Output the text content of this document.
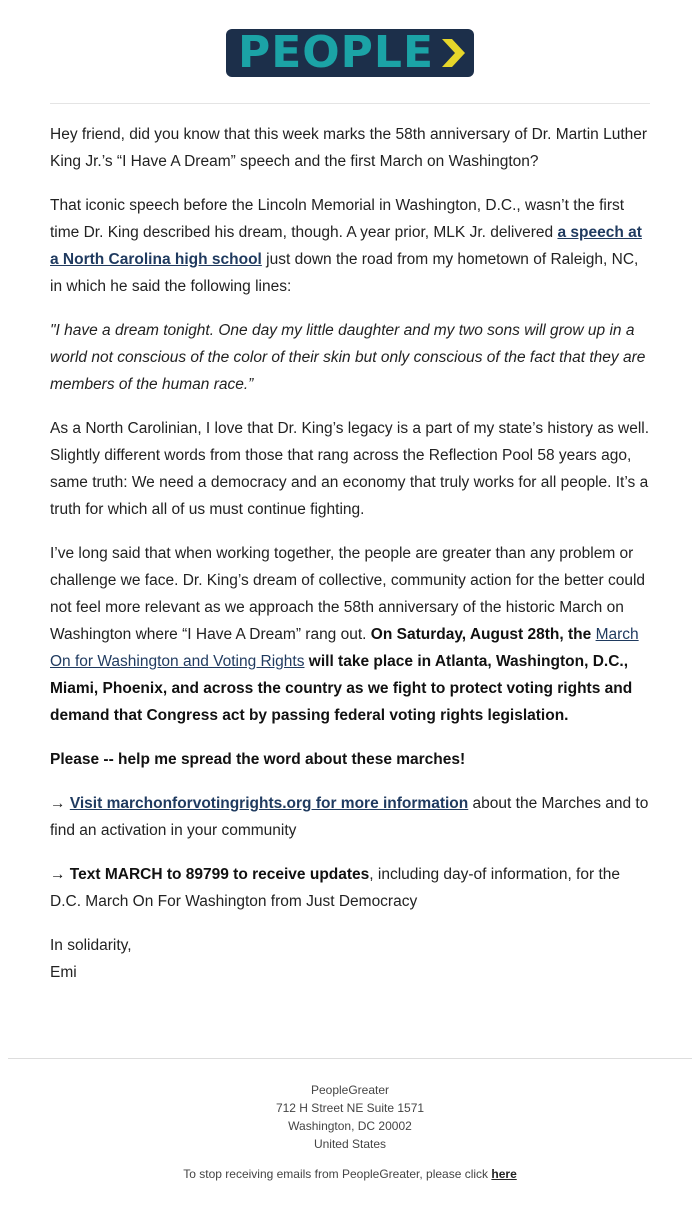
PEOPLE

Hey friend, did you know that this week marks the 58th anniversary of Dr. Martin Luther King Jr.’s “I Have A Dream” speech and the first March on Washington?

That iconic speech before the Lincoln Memorial in Washington, D.C., wasn’t the first time Dr. King described his dream, though. A year prior, MLK Jr. delivered a speech at a North Carolina high school just down the road from my hometown of Raleigh, NC, in which he said the following lines:

"I have a dream tonight. One day my little daughter and my two sons will grow up in a world not conscious of the color of their skin but only conscious of the fact that they are members of the human race.”

As a North Carolinian, I love that Dr. King’s legacy is a part of my state’s history as well. Slightly different words from those that rang across the Reflection Pool 58 years ago, same truth: We need a democracy and an economy that truly works for all people. It’s a truth for which all of us must continue fighting.

I’ve long said that when working together, the people are greater than any problem or challenge we face. Dr. King’s dream of collective, community action for the better could not feel more relevant as we approach the 58th anniversary of the historic March on Washington where “I Have A Dream” rang out. On Saturday, August 28th, the March On for Washington and Voting Rights will take place in Atlanta, Washington, D.C., Miami, Phoenix, and across the country as we fight to protect voting rights and demand that Congress act by passing federal voting rights legislation.

Please -- help me spread the word about these marches!

→ Visit marchonforvotingrights.org for more information about the Marches and to find an activation in your community

→ Text MARCH to 89799 to receive updates, including day-of information, for the D.C. March On For Washington from Just Democracy

In solidarity,
Emi

PeopleGreater
712 H Street NE Suite 1571
Washington, DC 20002
United States
To stop receiving emails from PeopleGreater, please click here
